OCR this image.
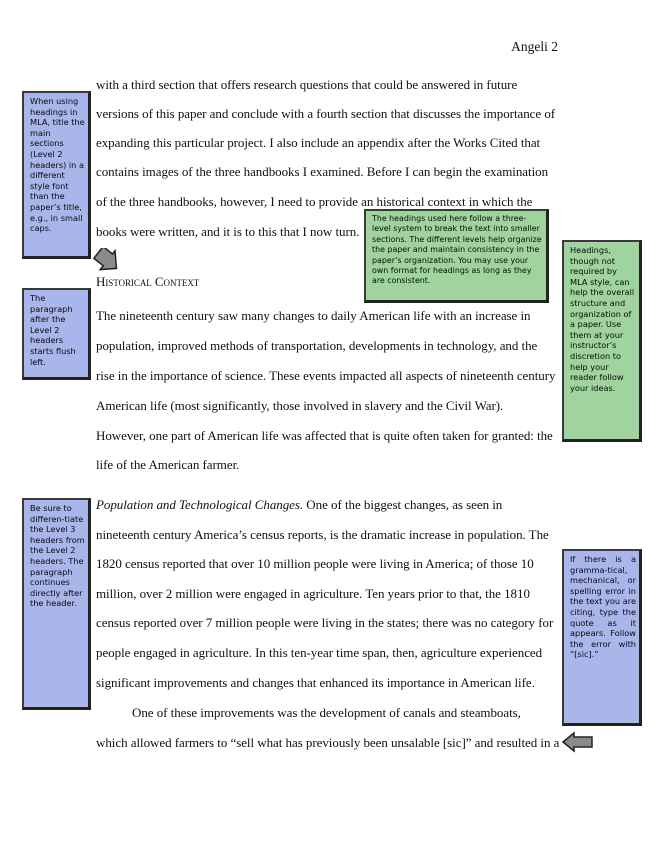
Angeli 2
with a third section that offers research questions that could be answered in future
versions of this paper and conclude with a fourth section that discusses the importance of
expanding this particular project. I also include an appendix after the Works Cited that
contains images of the three handbooks I examined. Before I can begin the examination
of the three handbooks, however, I need to provide an historical context in which the
books were written, and it is to this that I now turn.
Historical Context
The nineteenth century saw many changes to daily American life with an increase in
population, improved methods of transportation, developments in technology, and the
rise in the importance of science. These events impacted all aspects of nineteenth century
American life (most significantly, those involved in slavery and the Civil War).
However, one part of American life was affected that is quite often taken for granted: the
life of the American farmer.
Population and Technological Changes. One of the biggest changes, as seen in
nineteenth century America’s census reports, is the dramatic increase in population. The
1820 census reported that over 10 million people were living in America; of those 10
million, over 2 million were engaged in agriculture. Ten years prior to that, the 1810
census reported over 7 million people were living in the states; there was no category for
people engaged in agriculture. In this ten-year time span, then, agriculture experienced
significant improvements and changes that enhanced its importance in American life.
One of these improvements was the development of canals and steamboats,
which allowed farmers to “sell what has previously been unsalable [sic]” and resulted in a
When using headings in MLA, title the main sections (Level 2 headers) in a different style font than the paper’s title, e.g., in small caps.
The headings used here follow a three-level system to break the text into smaller sections. The different levels help organize the paper and maintain consistency in the paper’s organization. You may use your own format for headings as long as they are consistent.
The paragraph after the Level 2 headers starts flush left.
Headings, though not required by MLA style, can help the overall structure and organization of a paper. Use them at your instructor’s discretion to help your reader follow your ideas.
Be sure to differen-tiate the Level 3 headers from the Level 2 headers. The paragraph continues directly after the header.
If there is a gramma-tical, mechanical, or spelling error in the text you are citing, type the quote as it appears. Follow the error with “[sic].”
